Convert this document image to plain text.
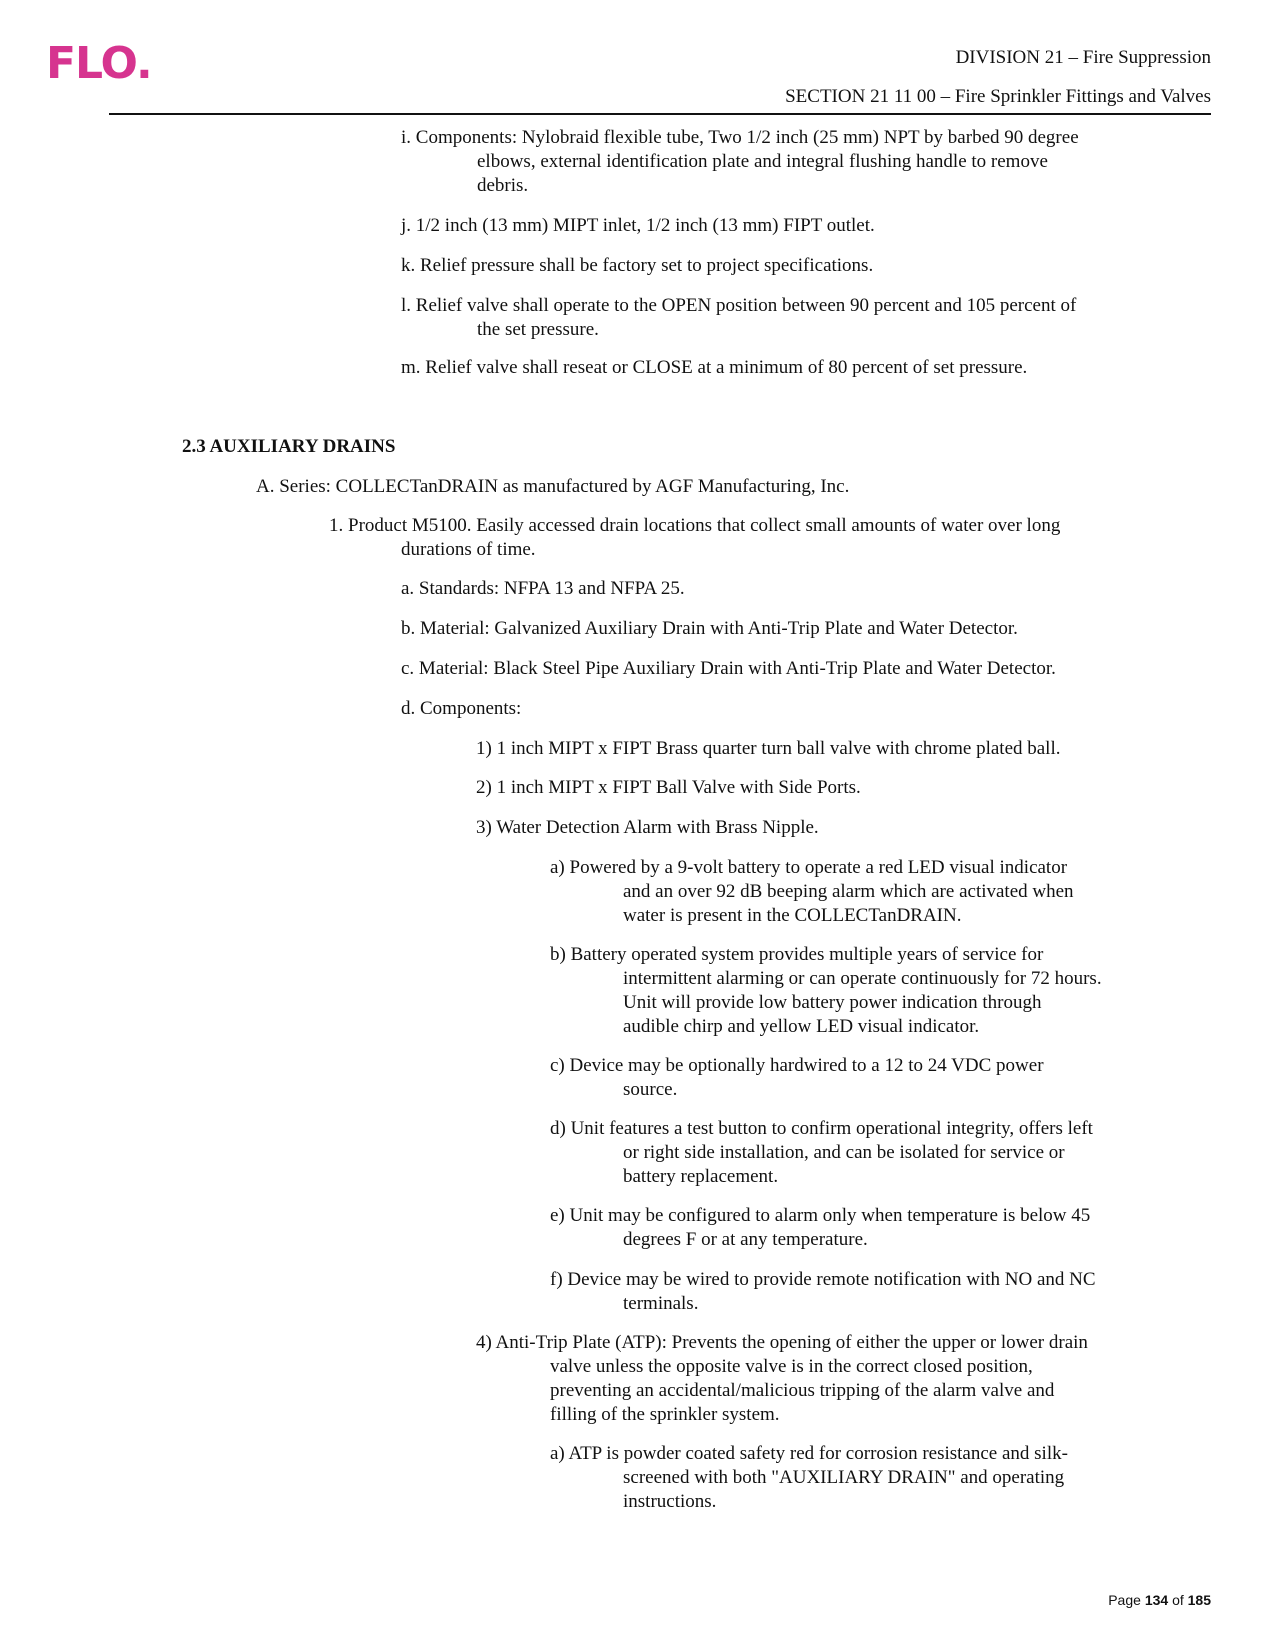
FLO.	DIVISION 21 – Fire Suppression
SECTION 21 11 00 – Fire Sprinkler Fittings and Valves
i. Components: Nylobraid flexible tube, Two 1/2 inch (25 mm) NPT by barbed 90 degree
elbows, external identification plate and integral flushing handle to remove
debris.
j. 1/2 inch (13 mm) MIPT inlet, 1/2 inch (13 mm) FIPT outlet.
k. Relief pressure shall be factory set to project specifications.
l. Relief valve shall operate to the OPEN position between 90 percent and 105 percent of
the set pressure.
m. Relief valve shall reseat or CLOSE at a minimum of 80 percent of set pressure.
2.3 AUXILIARY DRAINS
A. Series: COLLECTanDRAIN as manufactured by AGF Manufacturing, Inc.
1. Product M5100. Easily accessed drain locations that collect small amounts of water over long
durations of time.
a. Standards: NFPA 13 and NFPA 25.
b. Material: Galvanized Auxiliary Drain with Anti-Trip Plate and Water Detector.
c. Material: Black Steel Pipe Auxiliary Drain with Anti-Trip Plate and Water Detector.
d. Components:
1) 1 inch MIPT x FIPT Brass quarter turn ball valve with chrome plated ball.
2) 1 inch MIPT x FIPT Ball Valve with Side Ports.
3) Water Detection Alarm with Brass Nipple.
a) Powered by a 9-volt battery to operate a red LED visual indicator
and an over 92 dB beeping alarm which are activated when
water is present in the COLLECTanDRAIN.
b) Battery operated system provides multiple years of service for
intermittent alarming or can operate continuously for 72 hours.
Unit will provide low battery power indication through
audible chirp and yellow LED visual indicator.
c) Device may be optionally hardwired to a 12 to 24 VDC power
source.
d) Unit features a test button to confirm operational integrity, offers left
or right side installation, and can be isolated for service or
battery replacement.
e) Unit may be configured to alarm only when temperature is below 45
degrees F or at any temperature.
f) Device may be wired to provide remote notification with NO and NC
terminals.
4) Anti-Trip Plate (ATP): Prevents the opening of either the upper or lower drain
valve unless the opposite valve is in the correct closed position,
preventing an accidental/malicious tripping of the alarm valve and
filling of the sprinkler system.
a) ATP is powder coated safety red for corrosion resistance and silk-
screened with both "AUXILIARY DRAIN" and operating
instructions.
Page 134 of 185
